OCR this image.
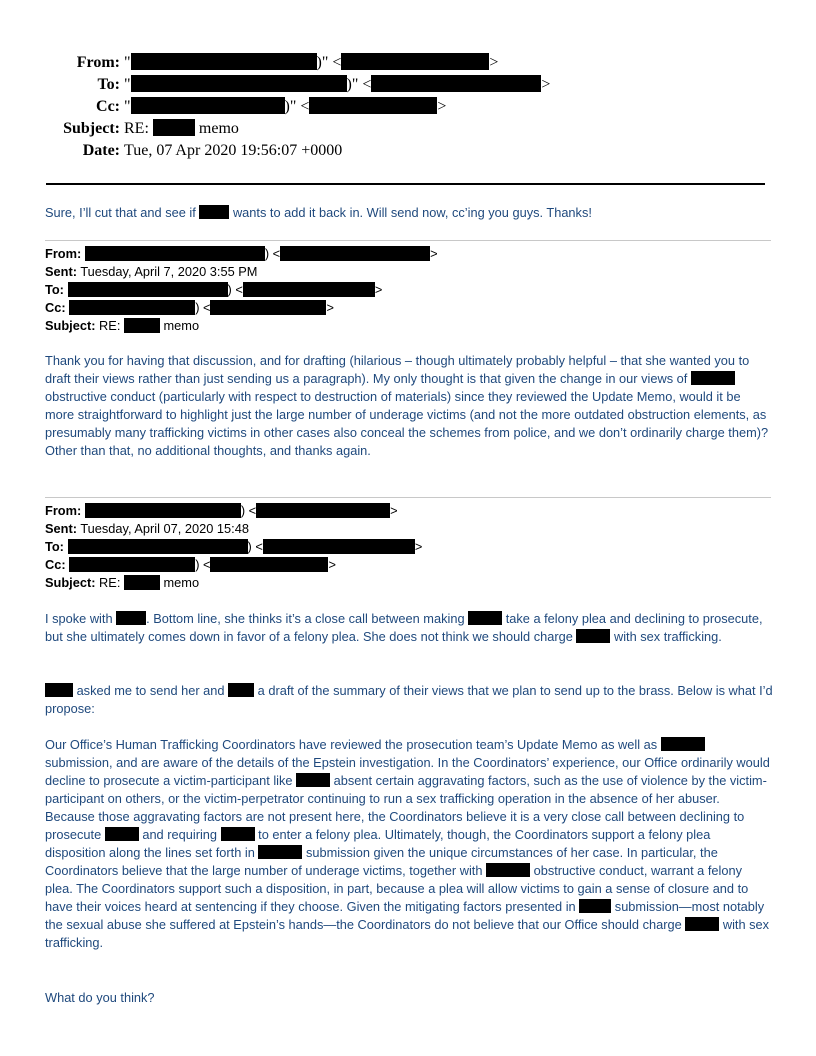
From: "	)" <	>
To: "	)" <	>
Cc: "	)" <	>
Subject: RE:	memo
Date: Tue, 07 Apr 2020 19:56:07 +0000

Sure, I’ll cut that and see if	wants to add it back in. Will send now, cc’ing you guys. Thanks!

From:	) <	>
Sent: Tuesday, April 7, 2020 3:55 PM
To:	) <	>
Cc:	) <	>
Subject: RE:	memo

Thank you for having that discussion, and for drafting (hilarious – though ultimately probably helpful – that she wanted you to draft their views rather than just sending us a paragraph). My only thought is that given the change in our views of  obstructive conduct (particularly with respect to destruction of materials) since they reviewed the Update Memo, would it be more straightforward to highlight just the large number of underage victims (and not the more outdated obstruction elements, as presumably many trafficking victims in other cases also conceal the schemes from police, and we don’t ordinarily charge them)? Other than that, no additional thoughts, and thanks again.

From:	) <	>
Sent: Tuesday, April 07, 2020 15:48
To:	) <	>
Cc:	) <	>
Subject: RE:	memo

I spoke with	. Bottom line, she thinks it’s a close call between making	take a felony plea and declining to prosecute, but she ultimately comes down in favor of a felony plea. She does not think we should charge	with sex trafficking.

asked me to send her and	a draft of the summary of their views that we plan to send up to the brass. Below is what I’d propose:

Our Office’s Human Trafficking Coordinators have reviewed the prosecution team’s Update Memo as well as  submission, and are aware of the details of the Epstein investigation. In the Coordinators’ experience, our Office ordinarily would decline to prosecute a victim-participant like	absent certain aggravating factors, such as the use of violence by the victim-participant on others, or the victim-perpetrator continuing to run a sex trafficking operation in the absence of her abuser. Because those aggravating factors are not present here, the Coordinators believe it is a very close call between declining to prosecute	and requiring	to enter a felony plea. Ultimately, though, the Coordinators support a felony plea disposition along the lines set forth in	submission given the unique circumstances of her case. In particular, the Coordinators believe that the large number of underage victims, together with	obstructive conduct, warrant a felony plea. The Coordinators support such a disposition, in part, because a plea will allow victims to gain a sense of closure and to have their voices heard at sentencing if they choose. Given the mitigating factors presented in	submission—most notably the sexual abuse she suffered at Epstein’s hands—the Coordinators do not believe that our Office should charge	with sex trafficking.

What do you think?
